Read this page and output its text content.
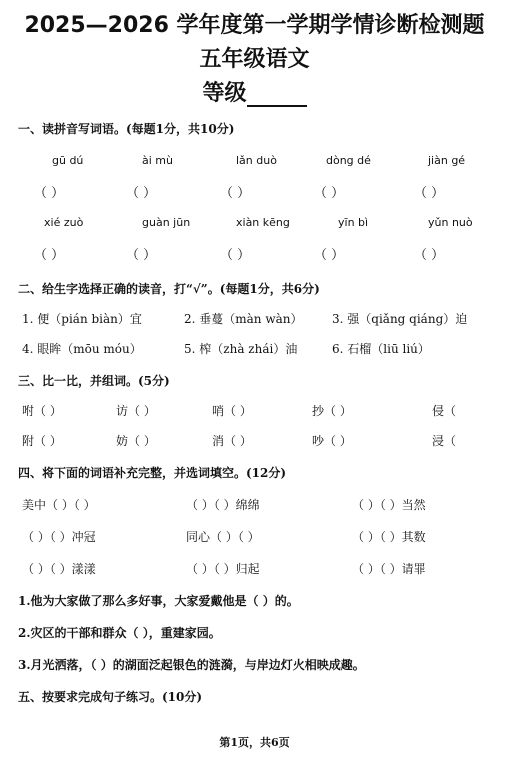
2025—2026 学年度第一学期学情诊断检测题
五年级语文
等级
一、读拼音写词语。(每题1分，共10分)
gū dú	ài mù	lǎn duò	dòng dé	jiàn gé
（ ）	（ ）	（ ）	（ ）	（ ）
xié zuò	guàn jūn	xiàn kēng	yīn bì	yǔn nuò
（ ）	（ ）	（ ）	（ ）	（ ）
二、给生字选择正确的读音，打“√”。(每题1分，共6分)
1. 便（pián biàn）宜	2. 垂蔓（màn wàn） 3. 强（qiǎng qiáng）迫
4. 眼眸（mōu móu）	5. 榨（zhà zhái）油	6. 石榴（liū liú）
三、比一比，并组词。(5分)
咐（ ）	访（ ）	哨（ ）	抄（ ）	侵（
附（ ）	妨（ ）	消（ ）	吵（ ）	浸（
四、将下面的词语补充完整，并选词填空。(12分)
美中（ ）（ ）	（ ）（ ）绵绵	（ ）（ ）当然
（ ）（ ）冲冠	同心（ ）（ ）	（ ）（ ）其数
（ ）（ ）漾漾	（ ）（ ）归起	（ ）（ ）请罪
1.他为大家做了那么多好事，大家爱戴他是（ ）的。
2.灾区的干部和群众（ ），重建家园。
3.月光洒落，（ ）的湖面泛起银色的涟漪，与岸边灯火相映成趣。
五、按要求完成句子练习。(10分)
第1页，共6页
